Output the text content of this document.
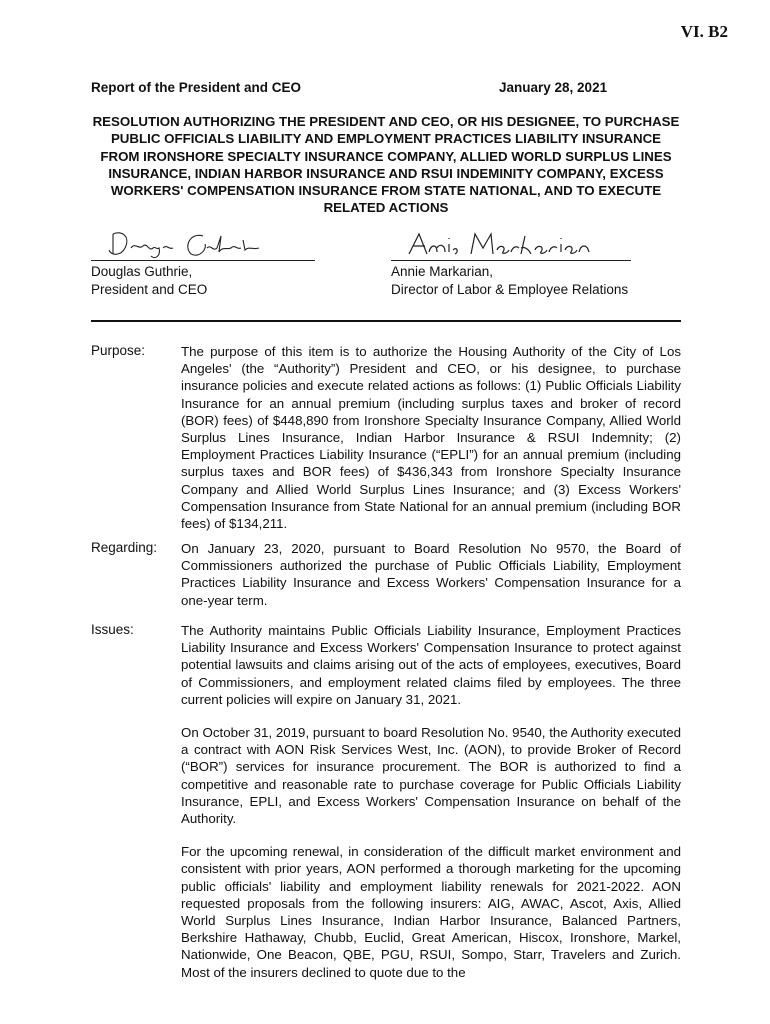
VI. B2
Report of the President and CEO	January 28, 2021
RESOLUTION AUTHORIZING THE PRESIDENT AND CEO, OR HIS DESIGNEE, TO PURCHASE PUBLIC OFFICIALS LIABILITY AND EMPLOYMENT PRACTICES LIABILITY INSURANCE FROM IRONSHORE SPECIALTY INSURANCE COMPANY, ALLIED WORLD SURPLUS LINES INSURANCE, INDIAN HARBOR INSURANCE AND RSUI INDEMINITY COMPANY, EXCESS WORKERS' COMPENSATION INSURANCE FROM STATE NATIONAL, AND TO EXECUTE RELATED ACTIONS
Douglas Guthrie,
President and CEO
Annie Markarian,
Director of Labor & Employee Relations
Purpose:	The purpose of this item is to authorize the Housing Authority of the City of Los Angeles' (the “Authority”) President and CEO, or his designee, to purchase insurance policies and execute related actions as follows: (1) Public Officials Liability Insurance for an annual premium (including surplus taxes and broker of record (BOR) fees) of $448,890 from Ironshore Specialty Insurance Company, Allied World Surplus Lines Insurance, Indian Harbor Insurance & RSUI Indemnity; (2) Employment Practices Liability Insurance (“EPLI”) for an annual premium (including surplus taxes and BOR fees) of $436,343 from Ironshore Specialty Insurance Company and Allied World Surplus Lines Insurance; and (3) Excess Workers' Compensation Insurance from State National for an annual premium (including BOR fees) of $134,211.

Regarding: On January 23, 2020, pursuant to Board Resolution No 9570, the Board of Commissioners authorized the purchase of Public Officials Liability, Employment Practices Liability Insurance and Excess Workers' Compensation Insurance for a one-year term.

Issues:	The Authority maintains Public Officials Liability Insurance, Employment Practices Liability Insurance and Excess Workers' Compensation Insurance to protect against potential lawsuits and claims arising out of the acts of employees, executives, Board of Commissioners, and employment related claims filed by employees. The three current policies will expire on January 31, 2021.

On October 31, 2019, pursuant to board Resolution No. 9540, the Authority executed a contract with AON Risk Services West, Inc. (AON), to provide Broker of Record (“BOR”) services for insurance procurement. The BOR is authorized to find a competitive and reasonable rate to purchase coverage for Public Officials Liability Insurance, EPLI, and Excess Workers' Compensation Insurance on behalf of the Authority.

For the upcoming renewal, in consideration of the difficult market environment and consistent with prior years, AON performed a thorough marketing for the upcoming public officials' liability and employment liability renewals for 2021-2022. AON requested proposals from the following insurers: AIG, AWAC, Ascot, Axis, Allied World Surplus Lines Insurance, Indian Harbor Insurance, Balanced Partners, Berkshire Hathaway, Chubb, Euclid, Great American, Hiscox, Ironshore, Markel, Nationwide, One Beacon, QBE, PGU, RSUI, Sompo, Starr, Travelers and Zurich. Most of the insurers declined to quote due to the
